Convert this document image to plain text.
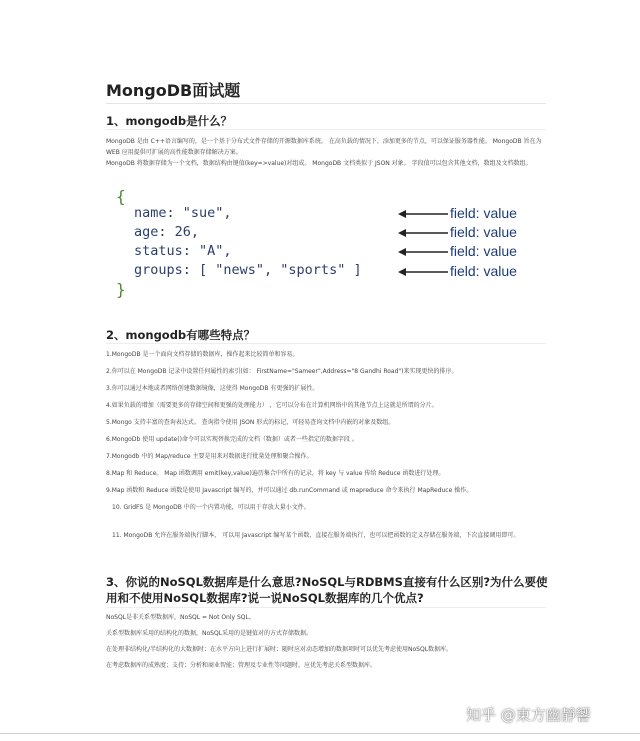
MongoDB面试题
1、mongodb是什么？

MongoDB 是由 C++语言编写的，是一个基于分布式文件存储的开源数据库系统。 在高负载的情况下，添加更多的节点，可以保证服务器性能。 MongoDB 旨在为 WEB 应用提供可扩展的高性能数据存储解决方案。

MongoDB 将数据存储为一个文档，数据结构由键值(key=>value)对组成。 MongoDB 文档类似于 JSON 对象。 字段值可以包含其他文档，数组及文档数组。

{

name: "sue",

age: 26,

status: "A",

groups: [ "news", "sports" ]

}

field: value

field: value

field: value

field: value

2、mongodb有哪些特点？

1.MongoDB 是一个面向文档存储的数据库，操作起来比较简单和容易。

2.你可以在 MongoDB 记录中设置任何属性的索引(如： FirstName="Sameer",Address="8 Gandhi Road")来实现更快的排序。

3.你可以通过本地或者网络创建数据镜像，这使得 MongoDB 有更强的扩展性。

4.如果负载的增加（需要更多的存储空间和更强的处理能力） ，它可以分布在计算机网络中的其他节点上这就是所谓的分片。

5.Mongo 支持丰富的查询表达式。 查询指令使用 JSON 形式的标记，可轻易查询文档中内嵌的对象及数组。

6.MongoDb 使用 update()命令可以实现替换完成的文档（数据）或者一些指定的数据字段 。

7.Mongodb 中的 Map/reduce 主要是用来对数据进行批量处理和聚合操作。

8.Map 和 Reduce。 Map 函数调用 emit(key,value)遍历集合中所有的记录，将 key 与 value 传给 Reduce 函数进行处理。

9.Map 函数和 Reduce 函数是使用 Javascript 编写的，并可以通过 db.runCommand 或 mapreduce 命令来执行 MapReduce 操作。

10. GridFS 是 MongoDB 中的一个内置功能，可以用于存放大量小文件。

11. MongoDB 允许在服务端执行脚本， 可以用 Javascript 编写某个函数，直接在服务端执行，也可以把函数的定义存储在服务端，下次直接调用即可。

3、你说的NoSQL数据库是什么意思?NoSQL与RDBMS直接有什么区别?为什么要使用和不使用NoSQL数据库?说一说NoSQL数据库的几个优点?

NoSQL是非关系型数据库，NoSQL = Not Only SQL。

关系型数据库采用的结构化的数据，NoSQL采用的是键值对的方式存储数据。

在处理非结构化/半结构化的大数据时；在水平方向上进行扩展时；随时应对动态增加的数据项时可以优先考虑使用NoSQL数据库。

在考虑数据库的成熟度；支持；分析和商业智能；管理及专业性等问题时，应优先考虑关系型数据库。

知乎 @東方幽靜響
